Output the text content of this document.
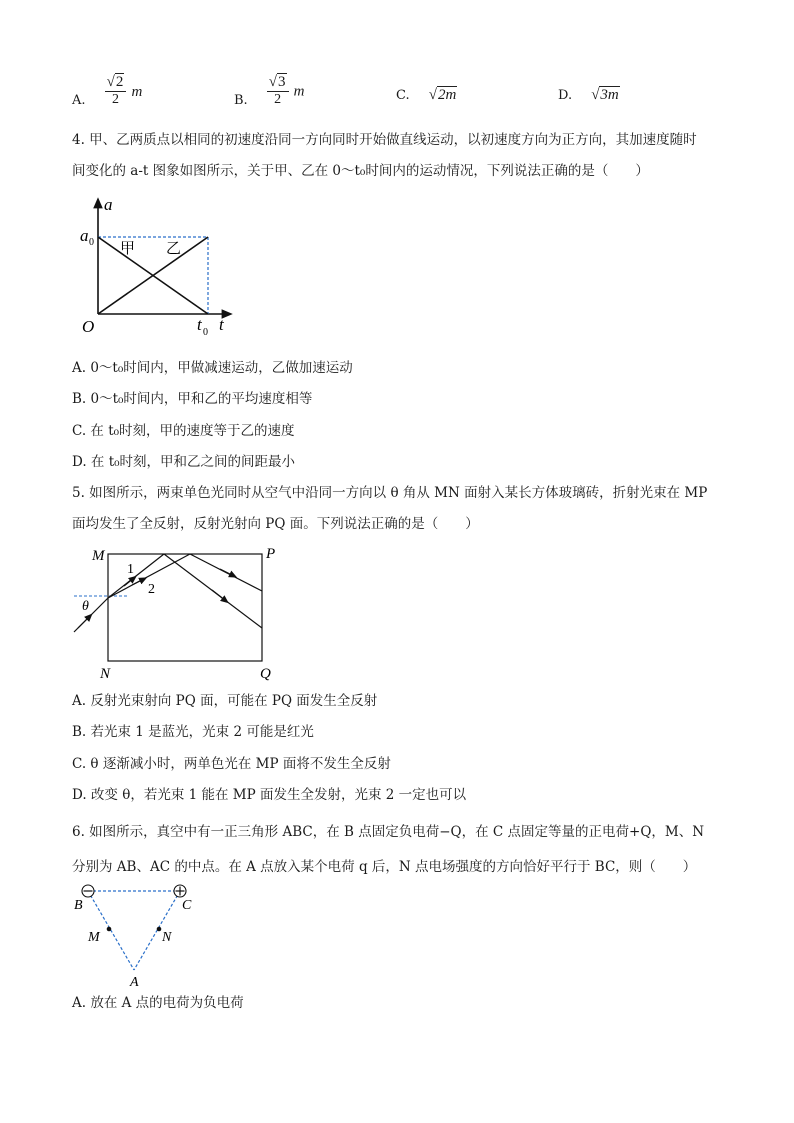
$_{A.} \frac{√2}{2}$ m
$_{B.} \frac{√3}{2}$ m	C. √2m	D. √3m
4. 甲、乙两质点以相同的初速度沿同一方向同时开始做直线运动，以初速度方向为正方向，其加速度随时
间变化的 a-t 图象如图所示，关于甲、乙在 0～t₀时间内的运动情况，下列说法正确的是（　　）
a
t
O
a 0
t 0
甲 乙
A. 0～t₀时间内，甲做减速运动，乙做加速运动
B. 0～t₀时间内，甲和乙的平均速度相等
C. 在 t₀时刻，甲的速度等于乙的速度
D. 在 t₀时刻，甲和乙之间的间距最小
5. 如图所示，两束单色光同时从空气中沿同一方向以 θ 角从 MN 面射入某长方体玻璃砖，折射光束在 MP
面均发生了全反射，反射光射向 PQ 面。下列说法正确的是（　　）
M	P
N	Q
θ
1
2
A. 反射光束射向 PQ 面，可能在 PQ 面发生全反射
B. 若光束 1 是蓝光，光束 2 可能是红光
C. θ 逐渐减小时，两单色光在 MP 面将不发生全反射
D. 改变 θ，若光束 1 能在 MP 面发生全发射，光束 2 一定也可以
6. 如图所示，真空中有一正三角形 ABC，在 B 点固定负电荷−Q，在 C 点固定等量的正电荷+Q，M、N
分别为 AB、AC 的中点。在 A 点放入某个电荷 q 后，N 点电场强度的方向恰好平行于 BC，则（　　）
B	C
M	N
A
A. 放在 A 点的电荷为负电荷
